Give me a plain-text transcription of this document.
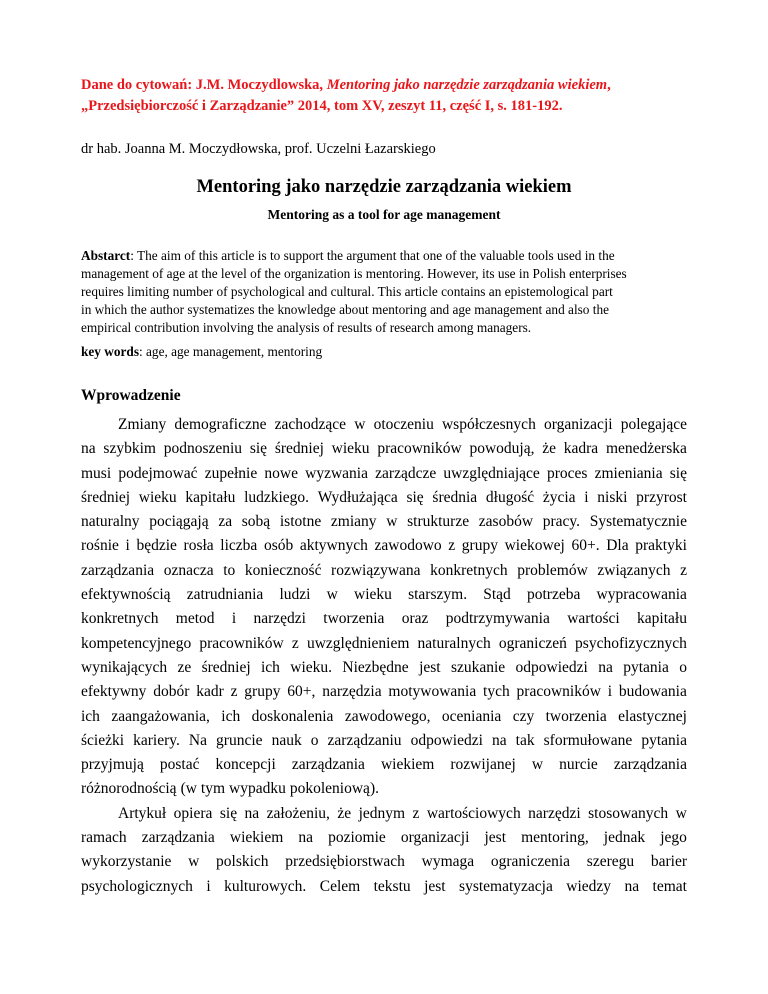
Dane do cytowań: J.M. Moczydlowska, Mentoring jako narzędzie zarządzania wiekiem,
„Przedsiębiorczość i Zarządzanie” 2014, tom XV, zeszyt 11, część I, s. 181-192.
dr hab. Joanna M. Moczydłowska, prof. Uczelni Łazarskiego
Mentoring jako narzędzie zarządzania wiekiem
Mentoring as a tool for age management
Abstarct: The aim of this article is to support the argument that one of the valuable tools used in the
management of age at the level of the organization is mentoring. However, its use in Polish enterprises
requires limiting number of psychological and cultural. This article contains an epistemological part
in which the author systematizes the knowledge about mentoring and age management and also the
empirical contribution involving the analysis of results of research among managers.
key words: age, age management, mentoring
Wprowadzenie
Zmiany demograficzne zachodzące w otoczeniu współczesnych organizacji polegające
na szybkim podnoszeniu się średniej wieku pracowników powodują, że kadra menedżerska
musi podejmować zupełnie nowe wyzwania zarządcze uwzględniające proces zmieniania się
średniej wieku kapitału ludzkiego. Wydłużająca się średnia długość życia i niski przyrost
naturalny pociągają za sobą istotne zmiany w strukturze zasobów pracy. Systematycznie
rośnie i będzie rosła liczba osób aktywnych zawodowo z grupy wiekowej 60+. Dla praktyki
zarządzania oznacza to konieczność rozwiązywana konkretnych problemów związanych z
efektywnością zatrudniania ludzi w wieku starszym. Stąd potrzeba wypracowania
konkretnych metod i narzędzi tworzenia oraz podtrzymywania wartości kapitału
kompetencyjnego pracowników z uwzględnieniem naturalnych ograniczeń psychofizycznych
wynikających ze średniej ich wieku. Niezbędne jest szukanie odpowiedzi na pytania o
efektywny dobór kadr z grupy 60+, narzędzia motywowania tych pracowników i budowania
ich zaangażowania, ich doskonalenia zawodowego, oceniania czy tworzenia elastycznej
ścieżki kariery. Na gruncie nauk o zarządzaniu odpowiedzi na tak sformułowane pytania
przyjmują postać koncepcji zarządzania wiekiem rozwijanej w nurcie zarządzania
różnorodnością (w tym wypadku pokoleniową).
Artykuł opiera się na założeniu, że jednym z wartościowych narzędzi stosowanych w
ramach zarządzania wiekiem na poziomie organizacji jest mentoring, jednak jego
wykorzystanie w polskich przedsiębiorstwach wymaga ograniczenia szeregu barier
psychologicznych i kulturowych. Celem tekstu jest systematyzacja wiedzy na temat
